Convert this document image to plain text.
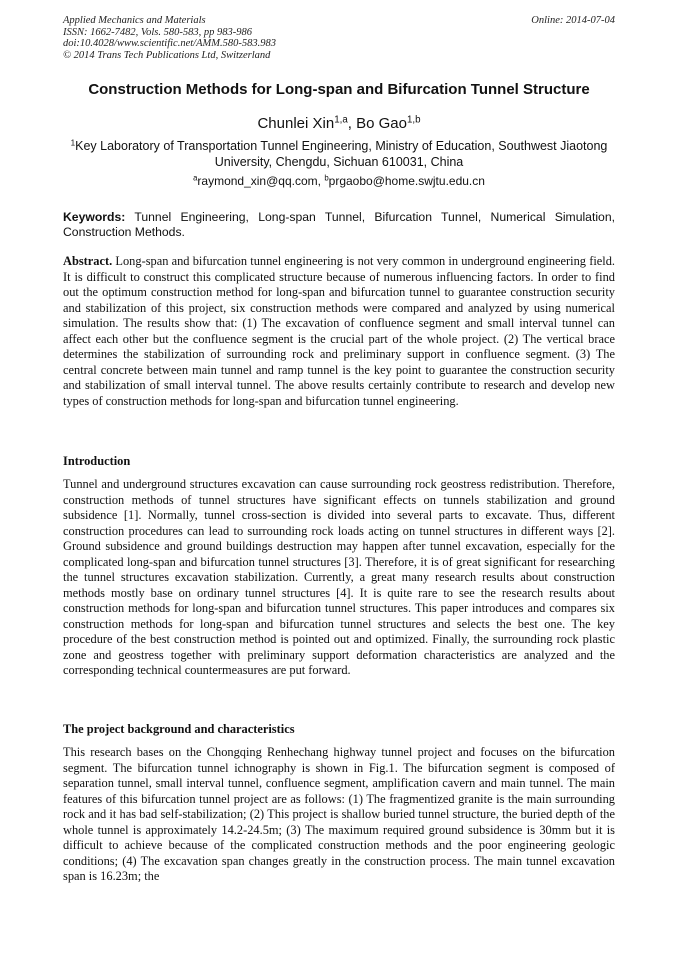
Applied Mechanics and Materials
ISSN: 1662-7482, Vols. 580-583, pp 983-986
doi:10.4028/www.scientific.net/AMM.580-583.983
© 2014 Trans Tech Publications Ltd, Switzerland
Online: 2014-07-04
Construction Methods for Long-span and Bifurcation Tunnel Structure
Chunlei Xin$^{1,a}$, Bo Gao$^{1,b}$
$^1$Key Laboratory of Transportation Tunnel Engineering, Ministry of Education, Southwest Jiaotong University, Chengdu, Sichuan 610031, China
$^a$raymond_xin@qq.com, $^b$prgaobo@home.swjtu.edu.cn
Keywords: Tunnel Engineering, Long-span Tunnel, Bifurcation Tunnel, Numerical Simulation, Construction Methods.
Abstract. Long-span and bifurcation tunnel engineering is not very common in underground engineering field. It is difficult to construct this complicated structure because of numerous influencing factors. In order to find out the optimum construction method for long-span and bifurcation tunnel to guarantee construction security and stabilization of this project, six construction methods were compared and analyzed by using numerical simulation. The results show that: (1) The excavation of confluence segment and small interval tunnel can affect each other but the confluence segment is the crucial part of the whole project. (2) The vertical brace determines the stabilization of surrounding rock and preliminary support in confluence segment. (3) The central concrete between main tunnel and ramp tunnel is the key point to guarantee the construction security and stabilization of small interval tunnel. The above results certainly contribute to research and develop new types of construction methods for long-span and bifurcation tunnel engineering.
Introduction
Tunnel and underground structures excavation can cause surrounding rock geostress redistribution. Therefore, construction methods of tunnel structures have significant effects on tunnels stabilization and ground subsidence [1]. Normally, tunnel cross-section is divided into several parts to excavate. Thus, different construction procedures can lead to surrounding rock loads acting on tunnel structures in different ways [2]. Ground subsidence and ground buildings destruction may happen after tunnel excavation, especially for the complicated long-span and bifurcation tunnel structures [3]. Therefore, it is of great significant for researching the tunnel structures excavation stabilization. Currently, a great many research results about construction methods mostly base on ordinary tunnel structures [4]. It is quite rare to see the research results about construction methods for long-span and bifurcation tunnel structures. This paper introduces and compares six construction methods for long-span and bifurcation tunnel structures and selects the best one. The key procedure of the best construction method is pointed out and optimized. Finally, the surrounding rock plastic zone and geostress together with preliminary support deformation characteristics are analyzed and the corresponding technical countermeasures are put forward.
The project background and characteristics
This research bases on the Chongqing Renhechang highway tunnel project and focuses on the bifurcation segment. The bifurcation tunnel ichnography is shown in Fig.1. The bifurcation segment is composed of separation tunnel, small interval tunnel, confluence segment, amplification cavern and main tunnel. The main features of this bifurcation tunnel project are as follows: (1) The fragmentized granite is the main surrounding rock and it has bad self-stabilization; (2) This project is shallow buried tunnel structure, the buried depth of the whole tunnel is approximately 14.2-24.5m; (3) The maximum required ground subsidence is 30mm but it is difficult to achieve because of the complicated construction methods and the poor engineering geologic conditions; (4) The excavation span changes greatly in the construction process. The main tunnel excavation span is 16.23m; the
